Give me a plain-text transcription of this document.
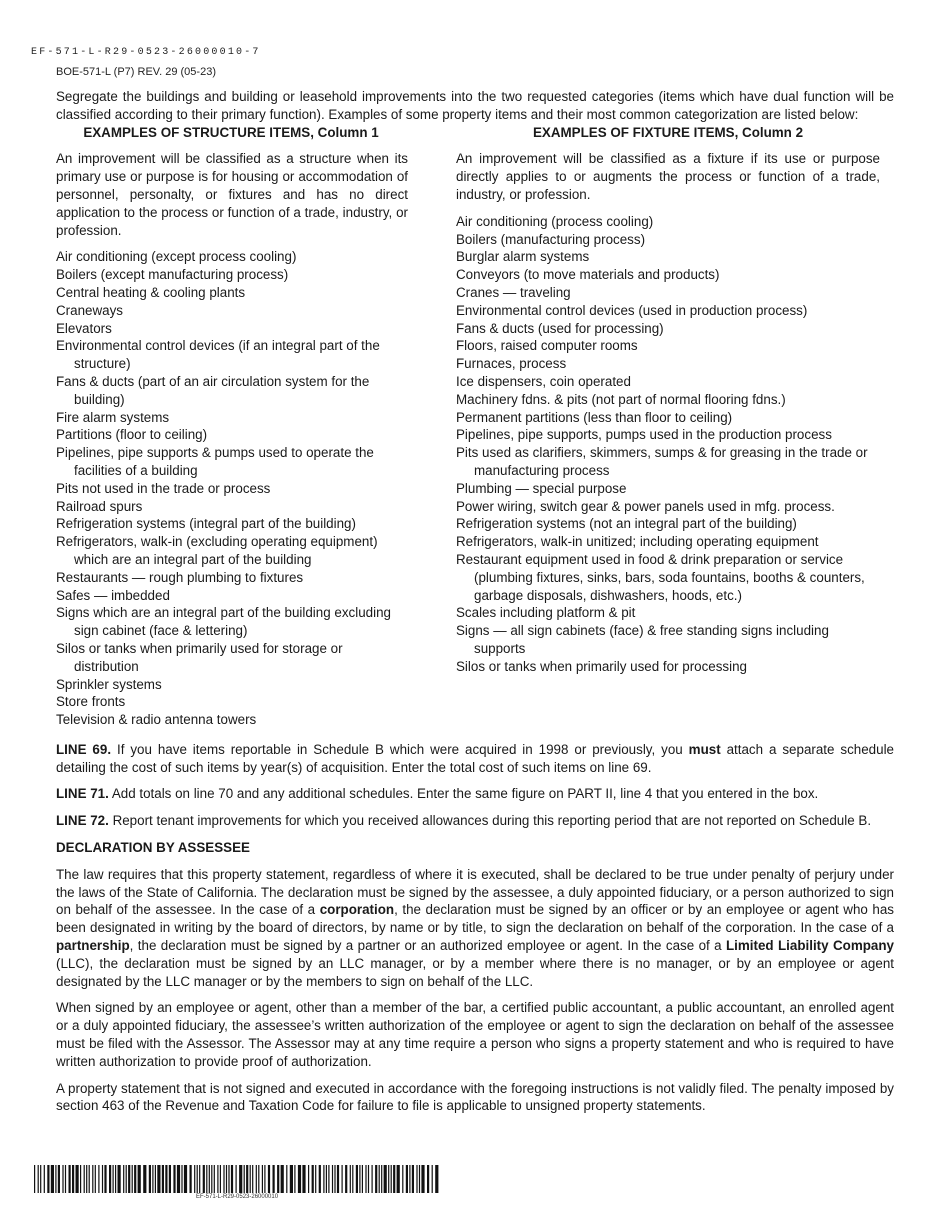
EF-571-L-R29-0523-26000010-7
BOE-571-L (P7) REV. 29 (05-23)

Segregate the buildings and building or leasehold improvements into the two requested categories (items which have dual function will be classified according to their primary function). Examples of some property items and their most common categorization are listed below:

EXAMPLES OF STRUCTURE ITEMS, Column 1

An improvement will be classified as a structure when its primary use or purpose is for housing or accommodation of personnel, personalty, or fixtures and has no direct application to the process or function of a trade, industry, or profession.

Air conditioning (except process cooling)
Boilers (except manufacturing process)
Central heating & cooling plants
Craneways
Elevators
Environmental control devices (if an integral part of the structure)
Fans & ducts (part of an air circulation system for the building)
Fire alarm systems
Partitions (floor to ceiling)
Pipelines, pipe supports & pumps used to operate the facilities of a building
Pits not used in the trade or process
Railroad spurs
Refrigeration systems (integral part of the building)
Refrigerators, walk-in (excluding operating equipment) which are an integral part of the building
Restaurants — rough plumbing to fixtures
Safes — imbedded
Signs which are an integral part of the building excluding sign cabinet (face & lettering)
Silos or tanks when primarily used for storage or distribution
Sprinkler systems
Store fronts
Television & radio antenna towers
EXAMPLES OF FIXTURE ITEMS, Column 2

An improvement will be classified as a fixture if its use or purpose directly applies to or augments the process or function of a trade, industry, or profession.

Air conditioning (process cooling)
Boilers (manufacturing process)
Burglar alarm systems
Conveyors (to move materials and products)
Cranes — traveling
Environmental control devices (used in production process)
Fans & ducts (used for processing)
Floors, raised computer rooms
Furnaces, process
Ice dispensers, coin operated
Machinery fdns. & pits (not part of normal flooring fdns.)
Permanent partitions (less than floor to ceiling)
Pipelines, pipe supports, pumps used in the production process
Pits used as clarifiers, skimmers, sumps & for greasing in the trade or manufacturing process
Plumbing — special purpose
Power wiring, switch gear & power panels used in mfg. process.
Refrigeration systems (not an integral part of the building)
Refrigerators, walk-in unitized; including operating equipment
Restaurant equipment used in food & drink preparation or service (plumbing fixtures, sinks, bars, soda fountains, booths & counters, garbage disposals, dishwashers, hoods, etc.)
Scales including platform & pit
Signs — all sign cabinets (face) & free standing signs including supports
Silos or tanks when primarily used for processing

LINE 69. If you have items reportable in Schedule B which were acquired in 1998 or previously, you must attach a separate schedule detailing the cost of such items by year(s) of acquisition. Enter the total cost of such items on line 69.

LINE 71. Add totals on line 70 and any additional schedules. Enter the same figure on PART II, line 4 that you entered in the box.

LINE 72. Report tenant improvements for which you received allowances during this reporting period that are not reported on Schedule B.

DECLARATION BY ASSESSEE

The law requires that this property statement, regardless of where it is executed, shall be declared to be true under penalty of perjury under the laws of the State of California. The declaration must be signed by the assessee, a duly appointed fiduciary, or a person authorized to sign on behalf of the assessee. In the case of a corporation, the declaration must be signed by an officer or by an employee or agent who has been designated in writing by the board of directors, by name or by title, to sign the declaration on behalf of the corporation. In the case of a partnership, the declaration must be signed by a partner or an authorized employee or agent. In the case of a Limited Liability Company (LLC), the declaration must be signed by an LLC manager, or by a member where there is no manager, or by an employee or agent designated by the LLC manager or by the members to sign on behalf of the LLC.

When signed by an employee or agent, other than a member of the bar, a certified public accountant, a public accountant, an enrolled agent or a duly appointed fiduciary, the assessee’s written authorization of the employee or agent to sign the declaration on behalf of the assessee must be filed with the Assessor. The Assessor may at any time require a person who signs a property statement and who is required to have written authorization to provide proof of authorization.

A property statement that is not signed and executed in accordance with the foregoing instructions is not validly filed. The penalty imposed by section 463 of the Revenue and Taxation Code for failure to file is applicable to unsigned property statements.

EF-571-L-R29-0523-26000010
